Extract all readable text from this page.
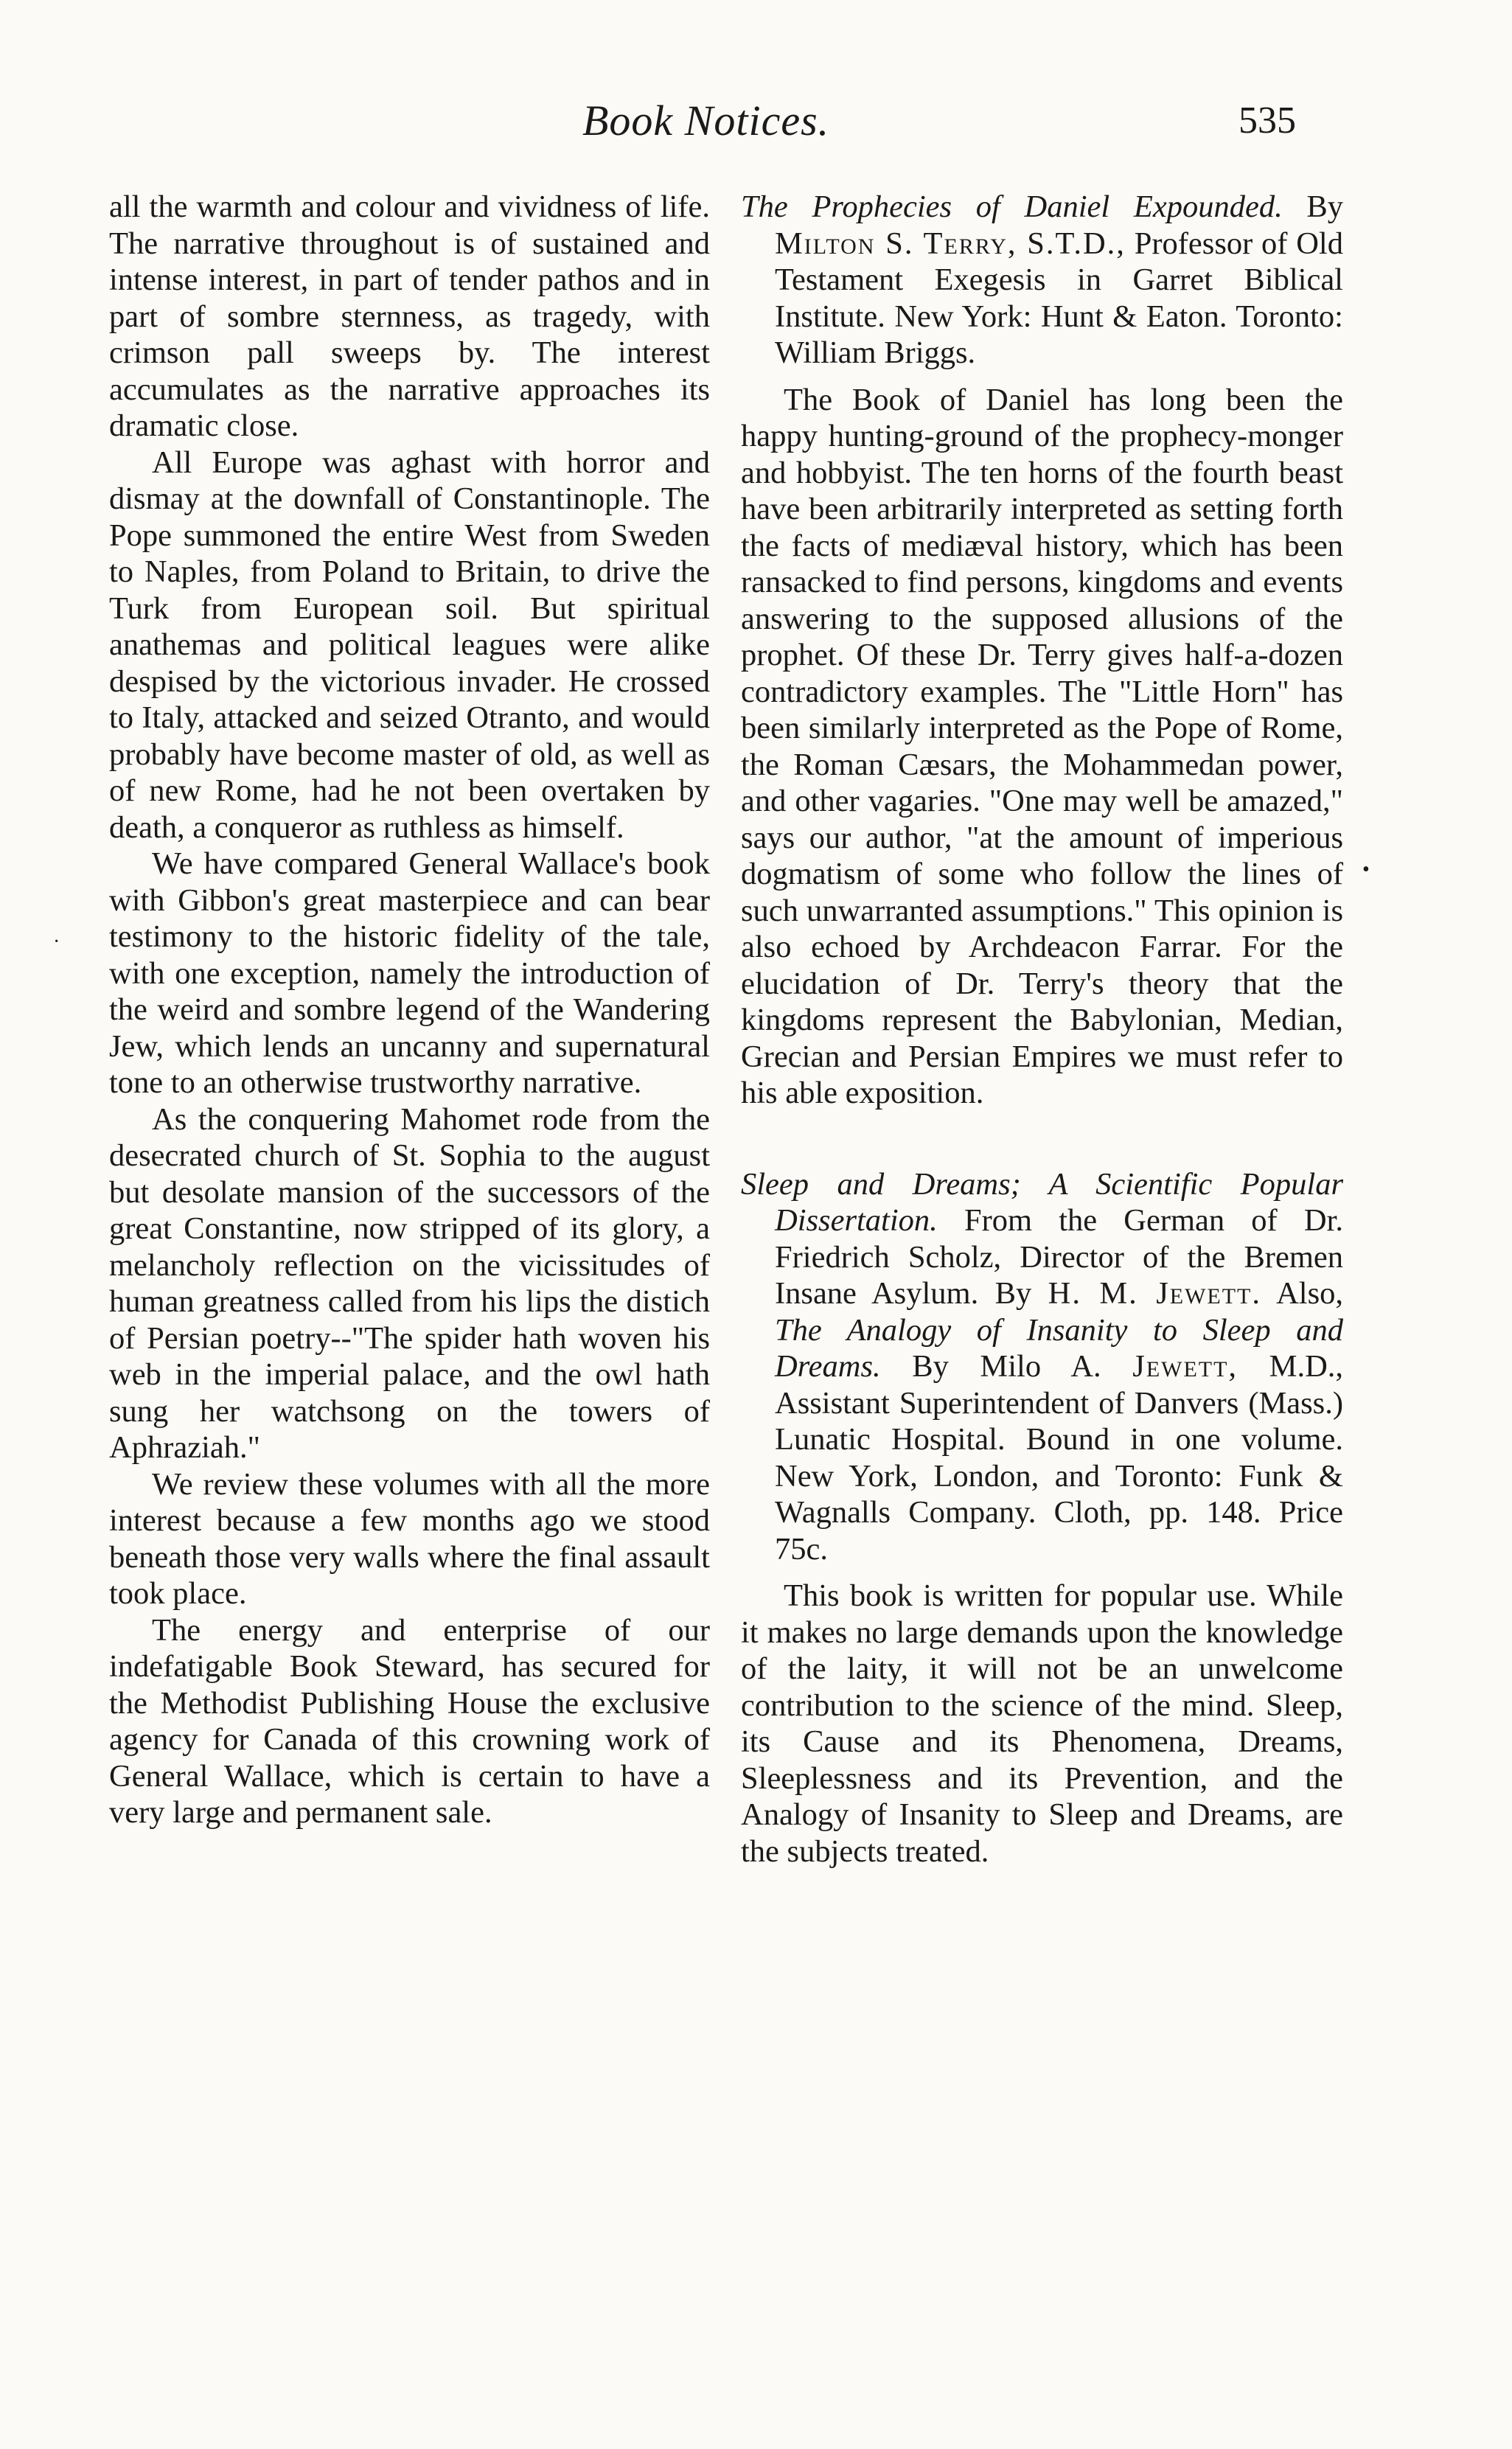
Book Notices.	535

all the warmth and colour and vividness of life. The narrative throughout is of sustained and intense interest, in part of tender pathos and in part of sombre sternness, as tragedy, with crimson pall sweeps by. The interest accumulates as the narrative approaches its dramatic close.

All Europe was aghast with horror and dismay at the downfall of Constantinople. The Pope summoned the entire West from Sweden to Naples, from Poland to Britain, to drive the Turk from European soil. But spiritual anathemas and political leagues were alike despised by the victorious invader. He crossed to Italy, attacked and seized Otranto, and would probably have become master of old, as well as of new Rome, had he not been overtaken by death, a conqueror as ruthless as himself.

We have compared General Wallace's book with Gibbon's great masterpiece and can bear testimony to the historic fidelity of the tale, with one exception, namely the introduction of the weird and sombre legend of the Wandering Jew, which lends an uncanny and supernatural tone to an otherwise trustworthy narrative.

As the conquering Mahomet rode from the desecrated church of St. Sophia to the august but desolate mansion of the successors of the great Constantine, now stripped of its glory, a melancholy reflection on the vicissitudes of human greatness called from his lips the distich of Persian poetry--"The spider hath woven his web in the imperial palace, and the owl hath sung her watchsong on the towers of Aphraziah."

We review these volumes with all the more interest because a few months ago we stood beneath those very walls where the final assault took place.

The energy and enterprise of our indefatigable Book Steward, has secured for the Methodist Publishing House the exclusive agency for Canada of this crowning work of General Wallace, which is certain to have a very large and permanent sale.

The Prophecies of Daniel Expounded. By Milton S. Terry, S.T.D., Professor of Old Testament Exegesis in Garret Biblical Institute. New York: Hunt & Eaton. Toronto: William Briggs.

The Book of Daniel has long been the happy hunting-ground of the prophecy-monger and hobbyist. The ten horns of the fourth beast have been arbitrarily interpreted as setting forth the facts of mediæval history, which has been ransacked to find persons, kingdoms and events answering to the supposed allusions of the prophet. Of these Dr. Terry gives half-a-dozen contradictory examples. The "Little Horn" has been similarly interpreted as the Pope of Rome, the Roman Cæsars, the Mohammedan power, and other vagaries. "One may well be amazed," says our author, "at the amount of imperious dogmatism of some who follow the lines of such unwarranted assumptions." This opinion is also echoed by Archdeacon Farrar. For the elucidation of Dr. Terry's theory that the kingdoms represent the Babylonian, Median, Grecian and Persian Empires we must refer to his able exposition.

Sleep and Dreams; A Scientific Popular Dissertation. From the German of Dr. Friedrich Scholz, Director of the Bremen Insane Asylum. By H. M. Jewett. Also, The Analogy of Insanity to Sleep and Dreams. By Milo A. Jewett, M.D., Assistant Superintendent of Danvers (Mass.) Lunatic Hospital. Bound in one volume. New York, London, and Toronto: Funk & Wagnalls Company. Cloth, pp. 148. Price 75c.

This book is written for popular use. While it makes no large demands upon the knowledge of the laity, it will not be an unwelcome contribution to the science of the mind. Sleep, its Cause and its Phenomena, Dreams, Sleeplessness and its Prevention, and the Analogy of Insanity to Sleep and Dreams, are the subjects treated.

•
·
